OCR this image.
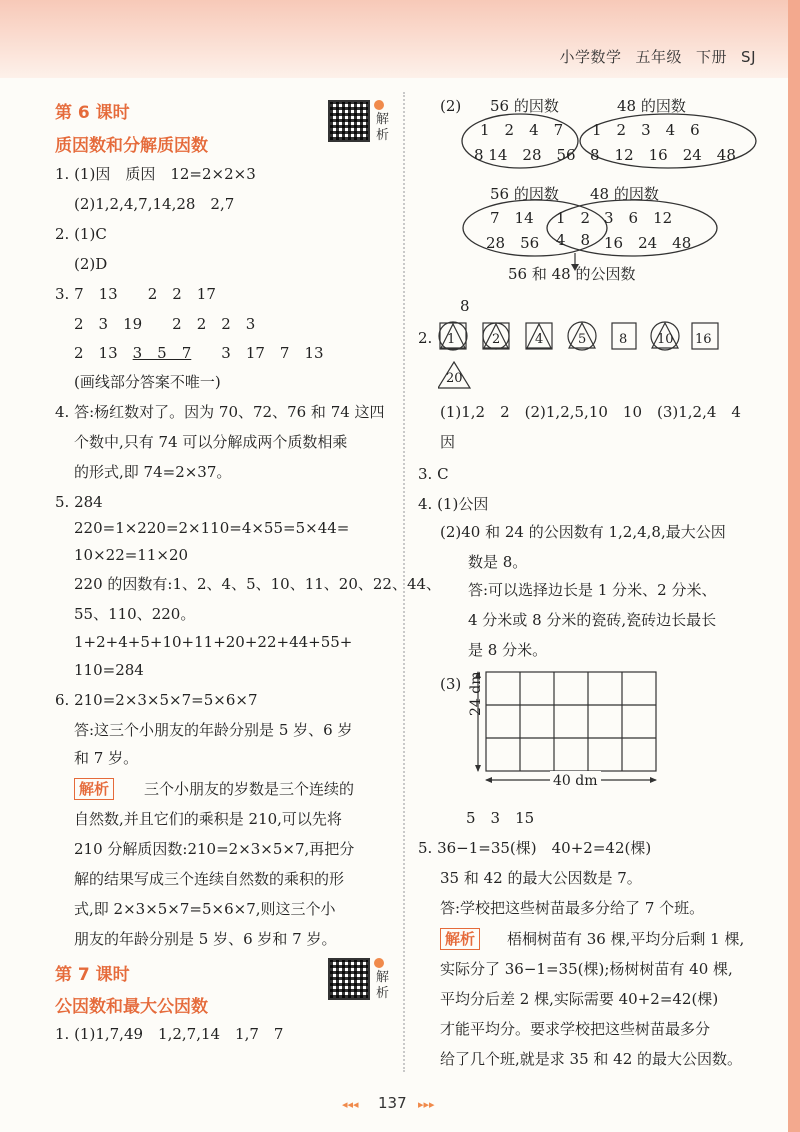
小学数学 五年级 下册 SJ
第 6 课时
质因数和分解质因数
解析
1. (1)因　质因　12=2×2×3
(2)1,2,4,7,14,28　2,7
2. (1)C
(2)D
3. 7　13　　2　2　17
2　3　19　　2　2　2　3
2　13　3　5　7　　3　17　7　13
(画线部分答案不唯一)
4. 答:杨红数对了。因为 70、72、76 和 74 这四
个数中,只有 74 可以分解成两个质数相乘
的形式,即 74=2×37。
5. 284
220=1×220=2×110=4×55=5×44=
10×22=11×20
220 的因数有:1、2、4、5、10、11、20、22、44、
55、110、220。
1+2+4+5+10+11+20+22+44+55+
110=284
6. 210=2×3×5×7=5×6×7
答:这三个小朋友的年龄分别是 5 岁、6 岁
和 7 岁。
解析	三个小朋友的岁数是三个连续的
自然数,并且它们的乘积是 210,可以先将
210 分解质因数:210=2×3×5×7,再把分
解的结果写成三个连续自然数的乘积的形
式,即 2×3×5×7=5×6×7,则这三个小
朋友的年龄分别是 5 岁、6 岁和 7 岁。
第 7 课时
公因数和最大公因数
解析
1. (1)1,7,49　1,2,7,14　1,7　7
(2) 56 的因数	48 的因数
1　2　4　7
8 14　28　56
1　2　3　4　6
8　12　16　24　48
56 的因数 48 的因数
7　14
28　56
1　2
4　8
3　6　12
16　24　48
56 和 48 的公因数
8
2. 1	2	4	5	8 10 16
20
(1)1,2　2　(2)1,2,5,10　10　(3)1,2,4　4
因
3. C
4. (1)公因
(2)40 和 24 的公因数有 1,2,4,8,最大公因
数是 8。
答:可以选择边长是 1 分米、2 分米、
4 分米或 8 分米的瓷砖,瓷砖边长最长
是 8 分米。
(3) 24 dm
40 dm
5　3　15
5. 36−1=35(棵)　40+2=42(棵)
35 和 42 的最大公因数是 7。
答:学校把这些树苗最多分给了 7 个班。
解析	梧桐树苗有 36 棵,平均分后剩 1 棵,
实际分了 36−1=35(棵);杨树树苗有 40 棵,
平均分后差 2 棵,实际需要 40+2=42(棵)
才能平均分。要求学校把这些树苗最多分
给了几个班,就是求 35 和 42 的最大公因数。
◂◂◂ 137 ▸▸▸
